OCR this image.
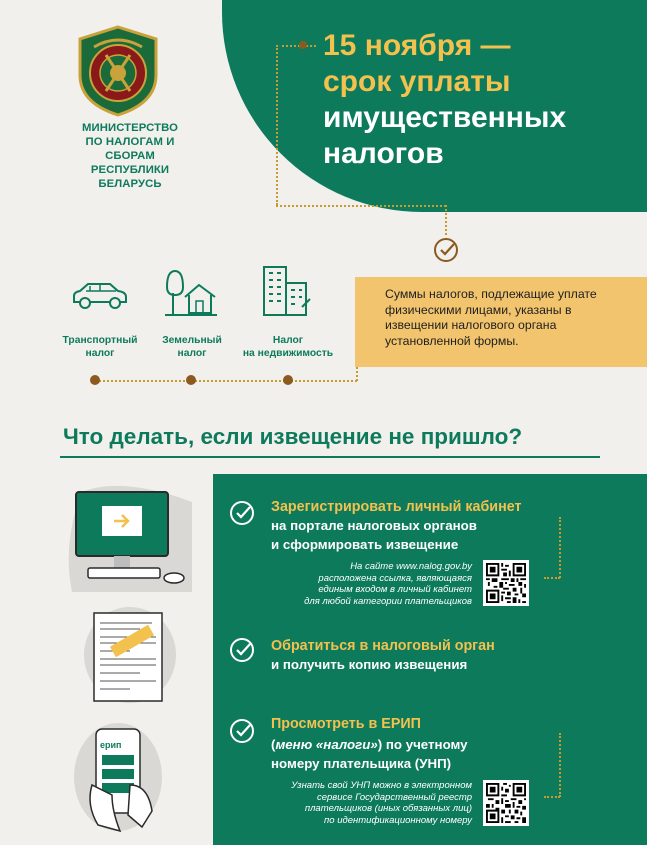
МИНИСТЕРСТВО
ПО НАЛОГАМ И СБОРАМ
РЕСПУБЛИКИ БЕЛАРУСЬ
15 ноября —
срок уплаты
имущественных
налогов
Суммы налогов, подлежащие уплате физическими лицами, указаны в извещении налогового органа установленной формы.
Транспортный
налог
Земельный
налог
Налог
на недвижимость
Что делать, если извещение не пришло?
ерип
Зарегистрировать личный кабинет
на портале налоговых органов
и сформировать извещение
На сайте www.nalog.gov.by
расположена ссылка, являющаяся
единым входом в личный кабинет
для любой категории плательщиков
Обратиться в налоговый орган
и получить копию извещения
Просмотреть в ЕРИП
(меню «налоги») по учетному
номеру плательщика (УНП)
Узнать свой УНП можно в электронном
сервисе Государственный реестр
плательщиков (иных обязанных лиц)
по идентификационному номеру
